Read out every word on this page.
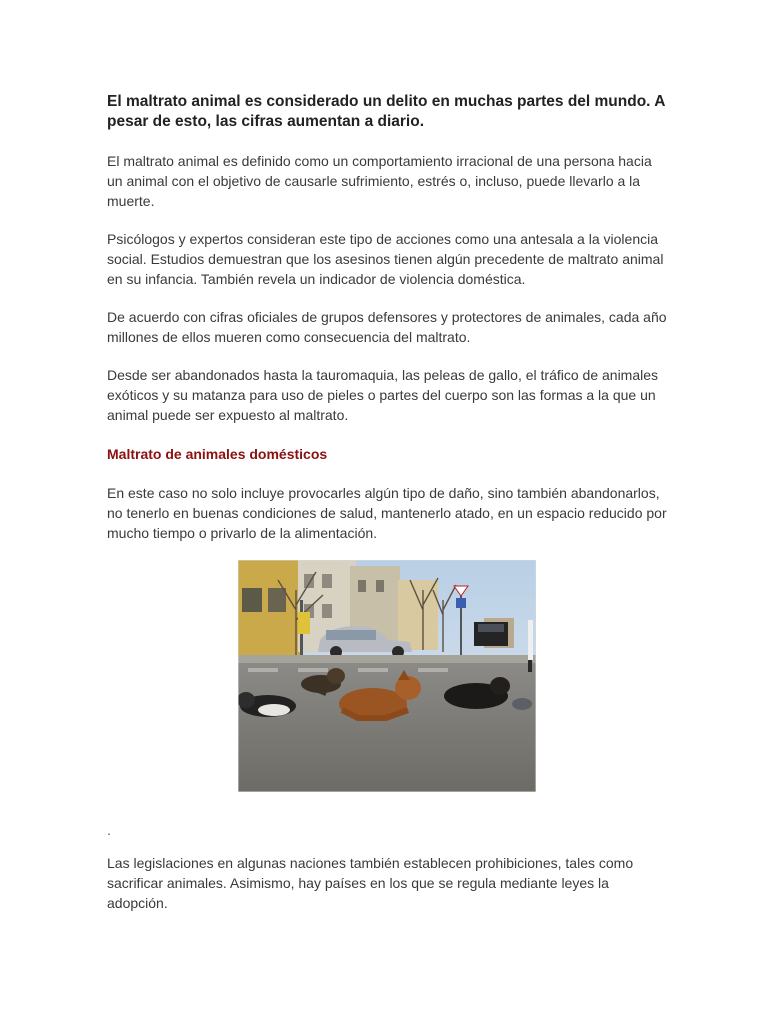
El maltrato animal es considerado un delito en muchas partes del mundo. A pesar de esto, las cifras aumentan a diario.

El maltrato animal es definido como un comportamiento irracional de una persona hacia un animal con el objetivo de causarle sufrimiento, estrés o, incluso, puede llevarlo a la muerte.

Psicólogos y expertos consideran este tipo de acciones como una antesala a la violencia social. Estudios demuestran que los asesinos tienen algún precedente de maltrato animal en su infancia. También revela un indicador de violencia doméstica.

De acuerdo con cifras oficiales de grupos defensores y protectores de animales, cada año millones de ellos mueren como consecuencia del maltrato.

Desde ser abandonados hasta la tauromaquia, las peleas de gallo, el tráfico de animales exóticos y su matanza para uso de pieles o partes del cuerpo son las formas a la que un animal puede ser expuesto al maltrato.

Maltrato de animales domésticos

En este caso no solo incluye provocarles algún tipo de daño, sino también abandonarlos, no tenerlo en buenas condiciones de salud, mantenerlo atado, en un espacio reducido por mucho tiempo o privarlo de la alimentación.

.

Las legislaciones en algunas naciones también establecen prohibiciones, tales como sacrificar animales. Asimismo, hay países en los que se regula mediante leyes la adopción.
